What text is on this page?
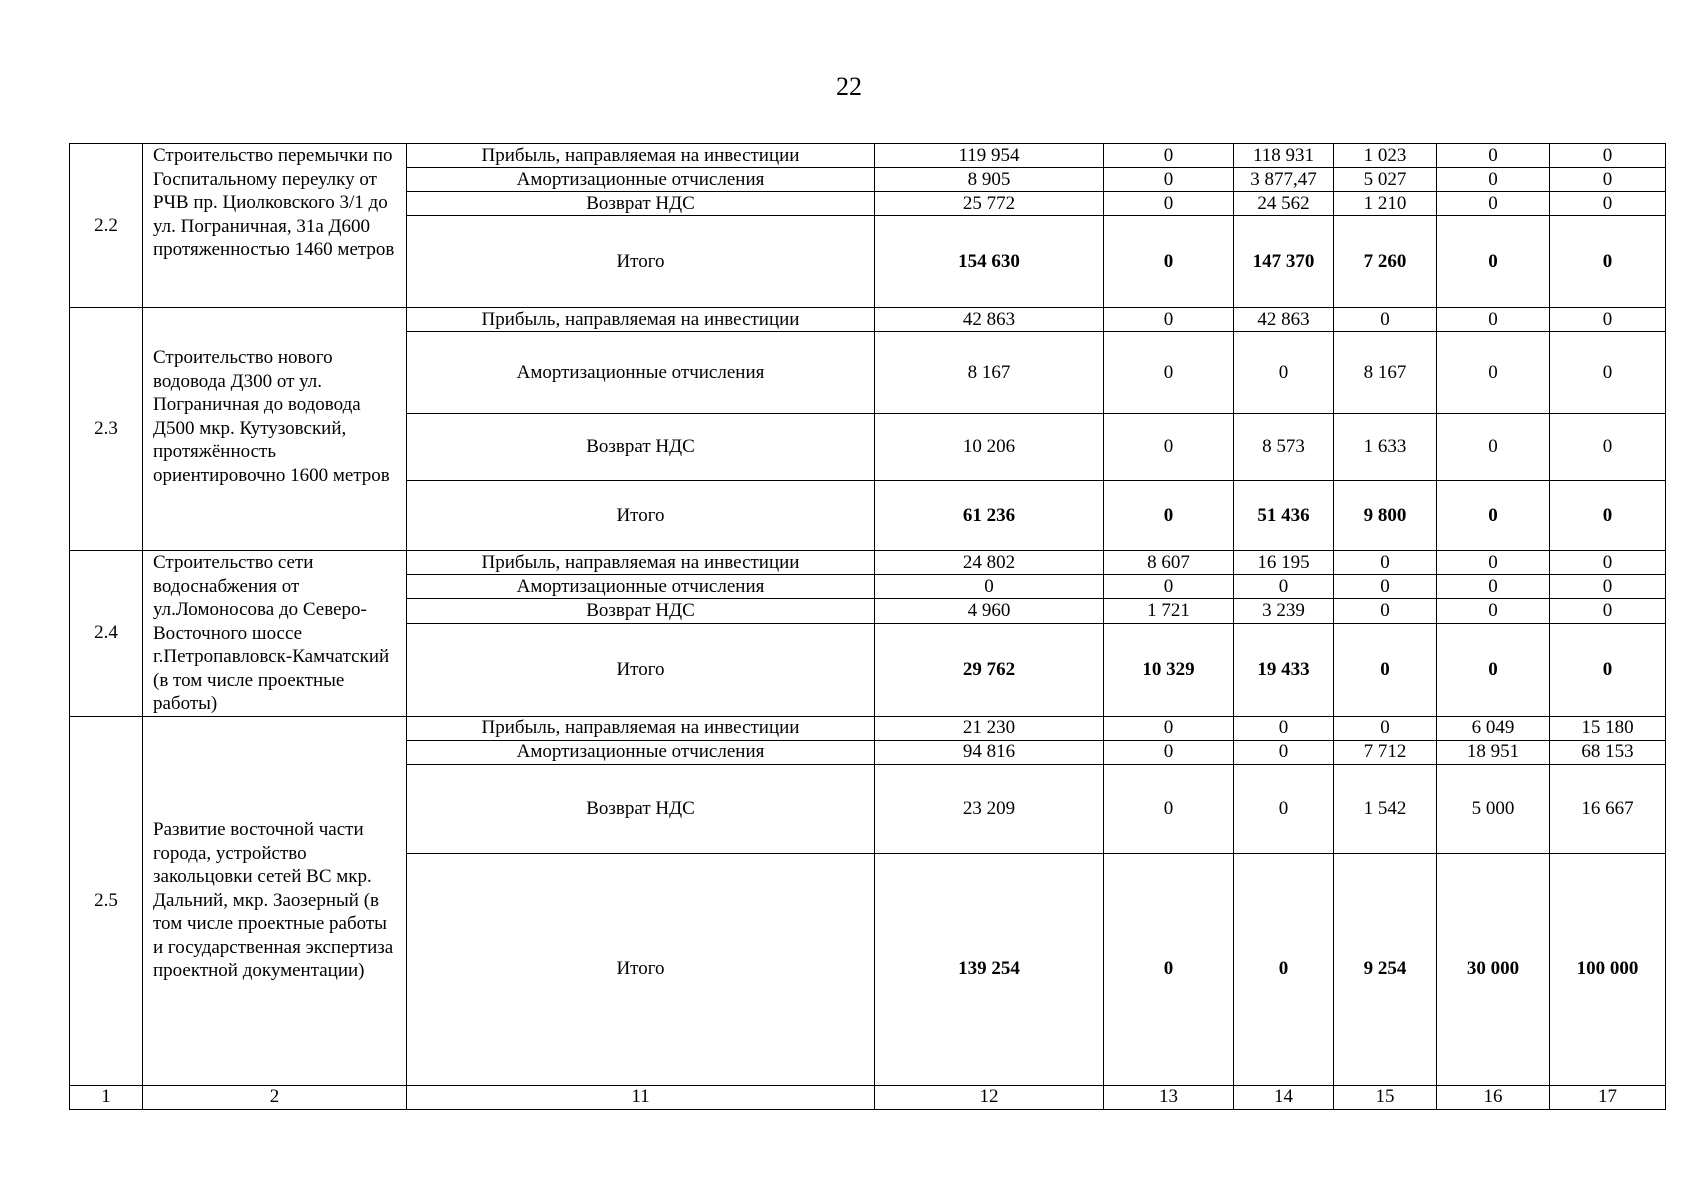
22
2.2	Строительство перемычки по Госпитальному переулку от РЧВ пр. Циолковского 3/1 до ул. Пограничная, 31а Д600 протяженностью 1460 метров	Прибыль, направляемая на инвестиции	119 954	0	118 931	1 023	0	0
		Амортизационные отчисления	8 905	0	3 877,47	5 027	0	0
		Возврат НДС	25 772	0	24 562	1 210	0	0
		Итого	154 630	0	147 370	7 260	0	0
2.3	Строительство нового водовода Д300 от ул. Пограничная до водовода Д500 мкр. Кутузовский, протяжённость ориентировочно 1600 метров	Прибыль, направляемая на инвестиции	42 863	0	42 863	0	0	0
		Амортизационные отчисления	8 167	0	0	8 167	0	0
		Возврат НДС	10 206	0	8 573	1 633	0	0
		Итого	61 236	0	51 436	9 800	0	0
2.4	Строительство сети водоснабжения от ул.Ломоносова до Северо-Восточного шоссе г.Петропавловск-Камчатский (в том числе проектные работы)	Прибыль, направляемая на инвестиции	24 802	8 607	16 195	0	0	0
		Амортизационные отчисления	0	0	0	0	0	0
		Возврат НДС	4 960	1 721	3 239	0	0	0
		Итого	29 762	10 329	19 433	0	0	0
2.5	Развитие восточной части города, устройство закольцовки сетей ВС мкр. Дальний, мкр. Заозерный (в том числе проектные работы и государственная экспертиза проектной документации)	Прибыль, направляемая на инвестиции	21 230	0	0	0	6 049	15 180
		Амортизационные отчисления	94 816	0	0	7 712	18 951	68 153
		Возврат НДС	23 209	0	0	1 542	5 000	16 667
		Итого	139 254	0	0	9 254	30 000	100 000
1	2	11	12	13	14	15	16	17
